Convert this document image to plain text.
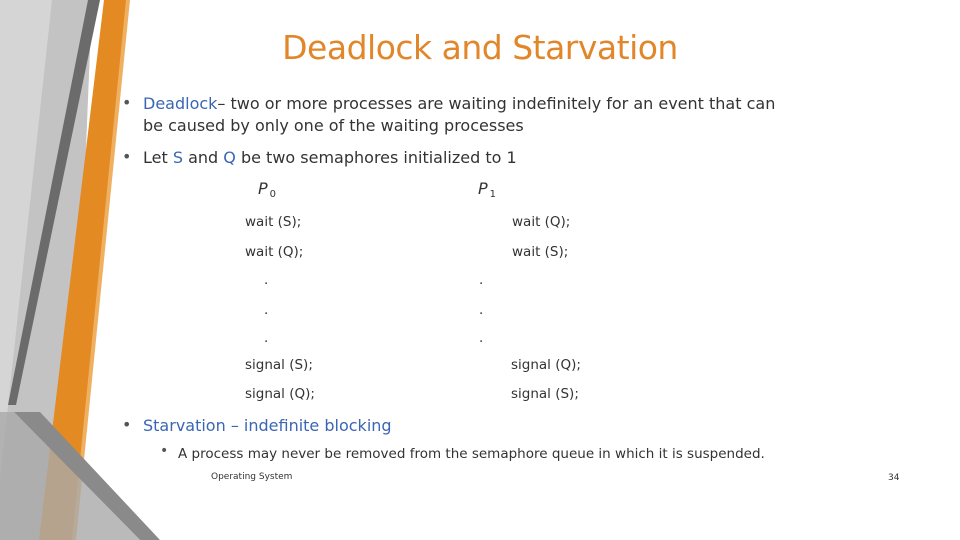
Deadlock and Starvation
• Deadlock– two or more processes are waiting indefinitely for an event that can
be caused by only one of the waiting processes
• Let S and Q be two semaphores initialized to 1
P $_0$	P $_1$
wait (S);
wait (Q);
.
.
.
signal (S);
signal (Q);
wait (Q);
wait (S);
.
.
.
signal (Q);
signal (S);
• Starvation – indefinite blocking
• A process may never be removed from the semaphore queue in which it is suspended.
Operating System	34
